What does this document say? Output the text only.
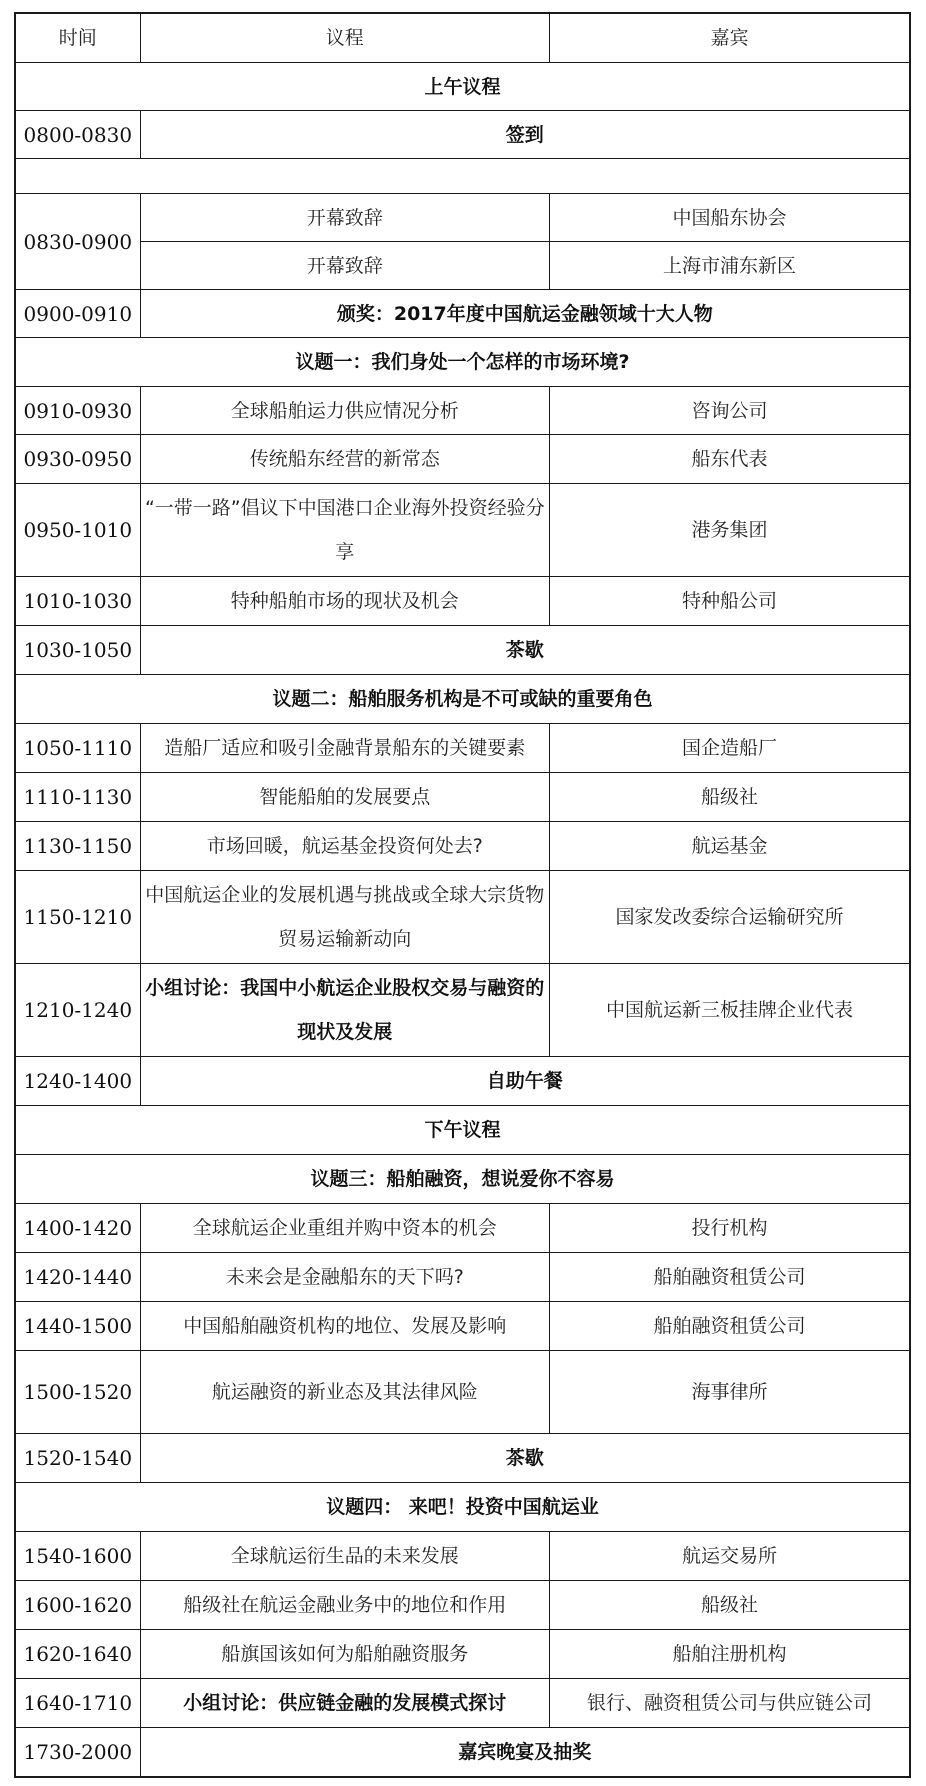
时间	议程	嘉宾
上午议程		
0800-0830	签到	

0830-0900	开幕致辞	中国船东协会
	开幕致辞	上海市浦东新区
0900-0910	颁奖：2017年度中国航运金融领域十大人物	
议题一：我们身处一个怎样的市场环境?		
0910-0930	全球船舶运力供应情况分析	咨询公司
0930-0950	传统船东经营的新常态	船东代表
0950-1010	“一带一路”倡议下中国港口企业海外投资经验分享	港务集团
1010-1030	特种船舶市场的现状及机会	特种船公司
1030-1050	茶歇	
议题二：船舶服务机构是不可或缺的重要角色		
1050-1110	造船厂适应和吸引金融背景船东的关键要素	国企造船厂
1110-1130	智能船舶的发展要点	船级社
1130-1150	市场回暖，航运基金投资何处去?	航运基金
1150-1210	中国航运企业的发展机遇与挑战或全球大宗货物贸易运输新动向	国家发改委综合运输研究所
1210-1240	小组讨论：我国中小航运企业股权交易与融资的现状及发展	中国航运新三板挂牌企业代表
1240-1400	自助午餐	
下午议程		
议题三：船舶融资，想说爱你不容易		
1400-1420	全球航运企业重组并购中资本的机会	投行机构
1420-1440	未来会是金融船东的天下吗?	船舶融资租赁公司
1440-1500	中国船舶融资机构的地位、发展及影响	船舶融资租赁公司
1500-1520	航运融资的新业态及其法律风险	海事律所
1520-1540	茶歇	
议题四： 来吧！投资中国航运业		
1540-1600	全球航运衍生品的未来发展	航运交易所
1600-1620	船级社在航运金融业务中的地位和作用	船级社
1620-1640	船旗国该如何为船舶融资服务	船舶注册机构
1640-1710	小组讨论：供应链金融的发展模式探讨	银行、融资租赁公司与供应链公司
1730-2000	嘉宾晚宴及抽奖	
